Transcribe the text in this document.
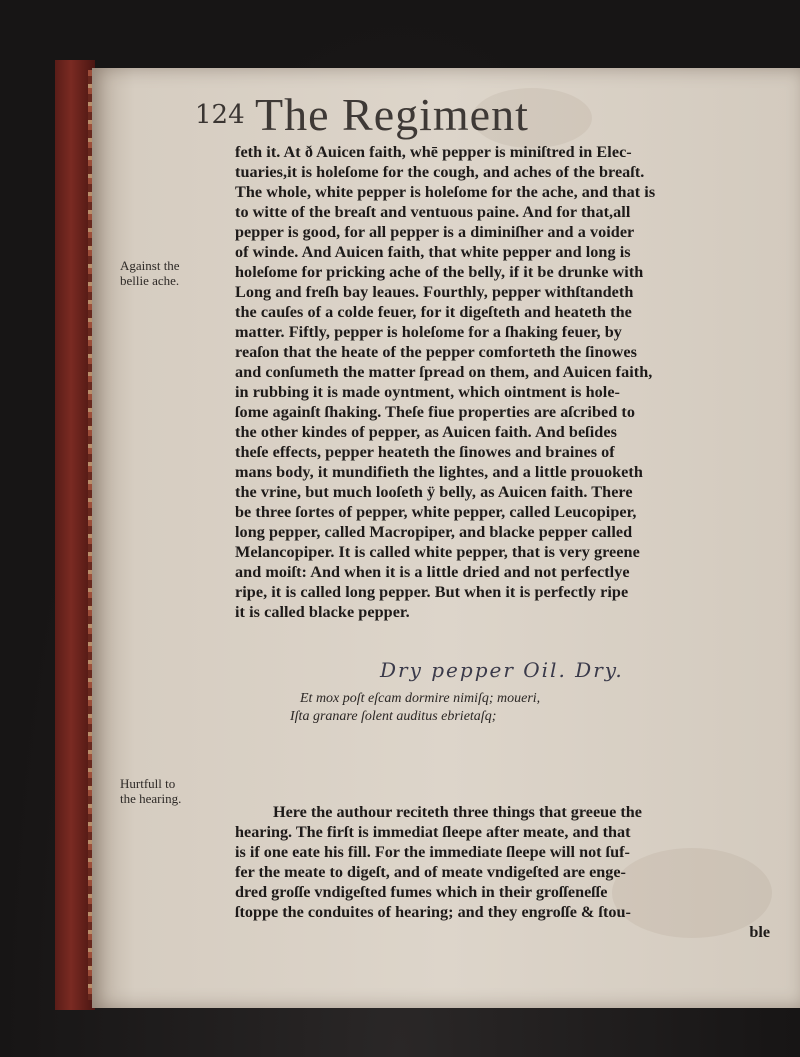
124 The Regiment
Against the bellie ache.
Hurtfull to the hearing.
feth it. At ð Auicen faith, whē pepper is miniſtred in Elec-
tuaries,it is holeſome for the cough, and aches of the breaſt.
The whole, white pepper is holeſome for the ache, and that is
to witte of the breaſt and ventuous paine. And for that,all
pepper is good, for all pepper is a diminiſher and a voider
of winde. And Auicen faith, that white pepper and long is
holeſome for pricking ache of the belly, if it be drunke with
Long and freſh bay leaues. Fourthly, pepper withſtandeth
the cauſes of a colde feuer, for it digeſteth and heateth the
matter. Fiftly, pepper is holeſome for a ſhaking feuer, by
reaſon that the heate of the pepper comforteth the ſinowes
and conſumeth the matter ſpread on them, and Auicen faith,
in rubbing it is made oyntment, which ointment is hole-
ſome againſt ſhaking. Theſe fiue properties are aſcribed to
the other kindes of pepper, as Auicen faith. And beſides
theſe effects, pepper heateth the ſinowes and braines of
mans body, it mundifieth the lightes, and a little prouoketh
the vrine, but much looſeth ÿ belly, as Auicen faith. There
be three ſortes of pepper, white pepper, called Leucopiper,
long pepper, called Macropiper, and blacke pepper called
Melancopiper. It is called white pepper, that is very greene
and moiſt: And when it is a little dried and not perfectlye
ripe, it is called long pepper. But when it is perfectly ripe
it is called blacke pepper.
Dry pepper Oil. Dry.
Et mox poſt eſcam dormire nimiſq; moueri,
Iſta granare ſolent auditus ebrietaſq;
Here the authour reciteth three things that greeue the
hearing. The firſt is immediat ſleepe after meate, and that
is if one eate his fill. For the immediate ſleepe will not ſuf-
fer the meate to digeſt, and of meate vndigeſted are enge-
dred groſſe vndigeſted fumes which in their groſſeneſſe
ſtoppe the conduites of hearing; and they engroſſe & ſtou-
ble
